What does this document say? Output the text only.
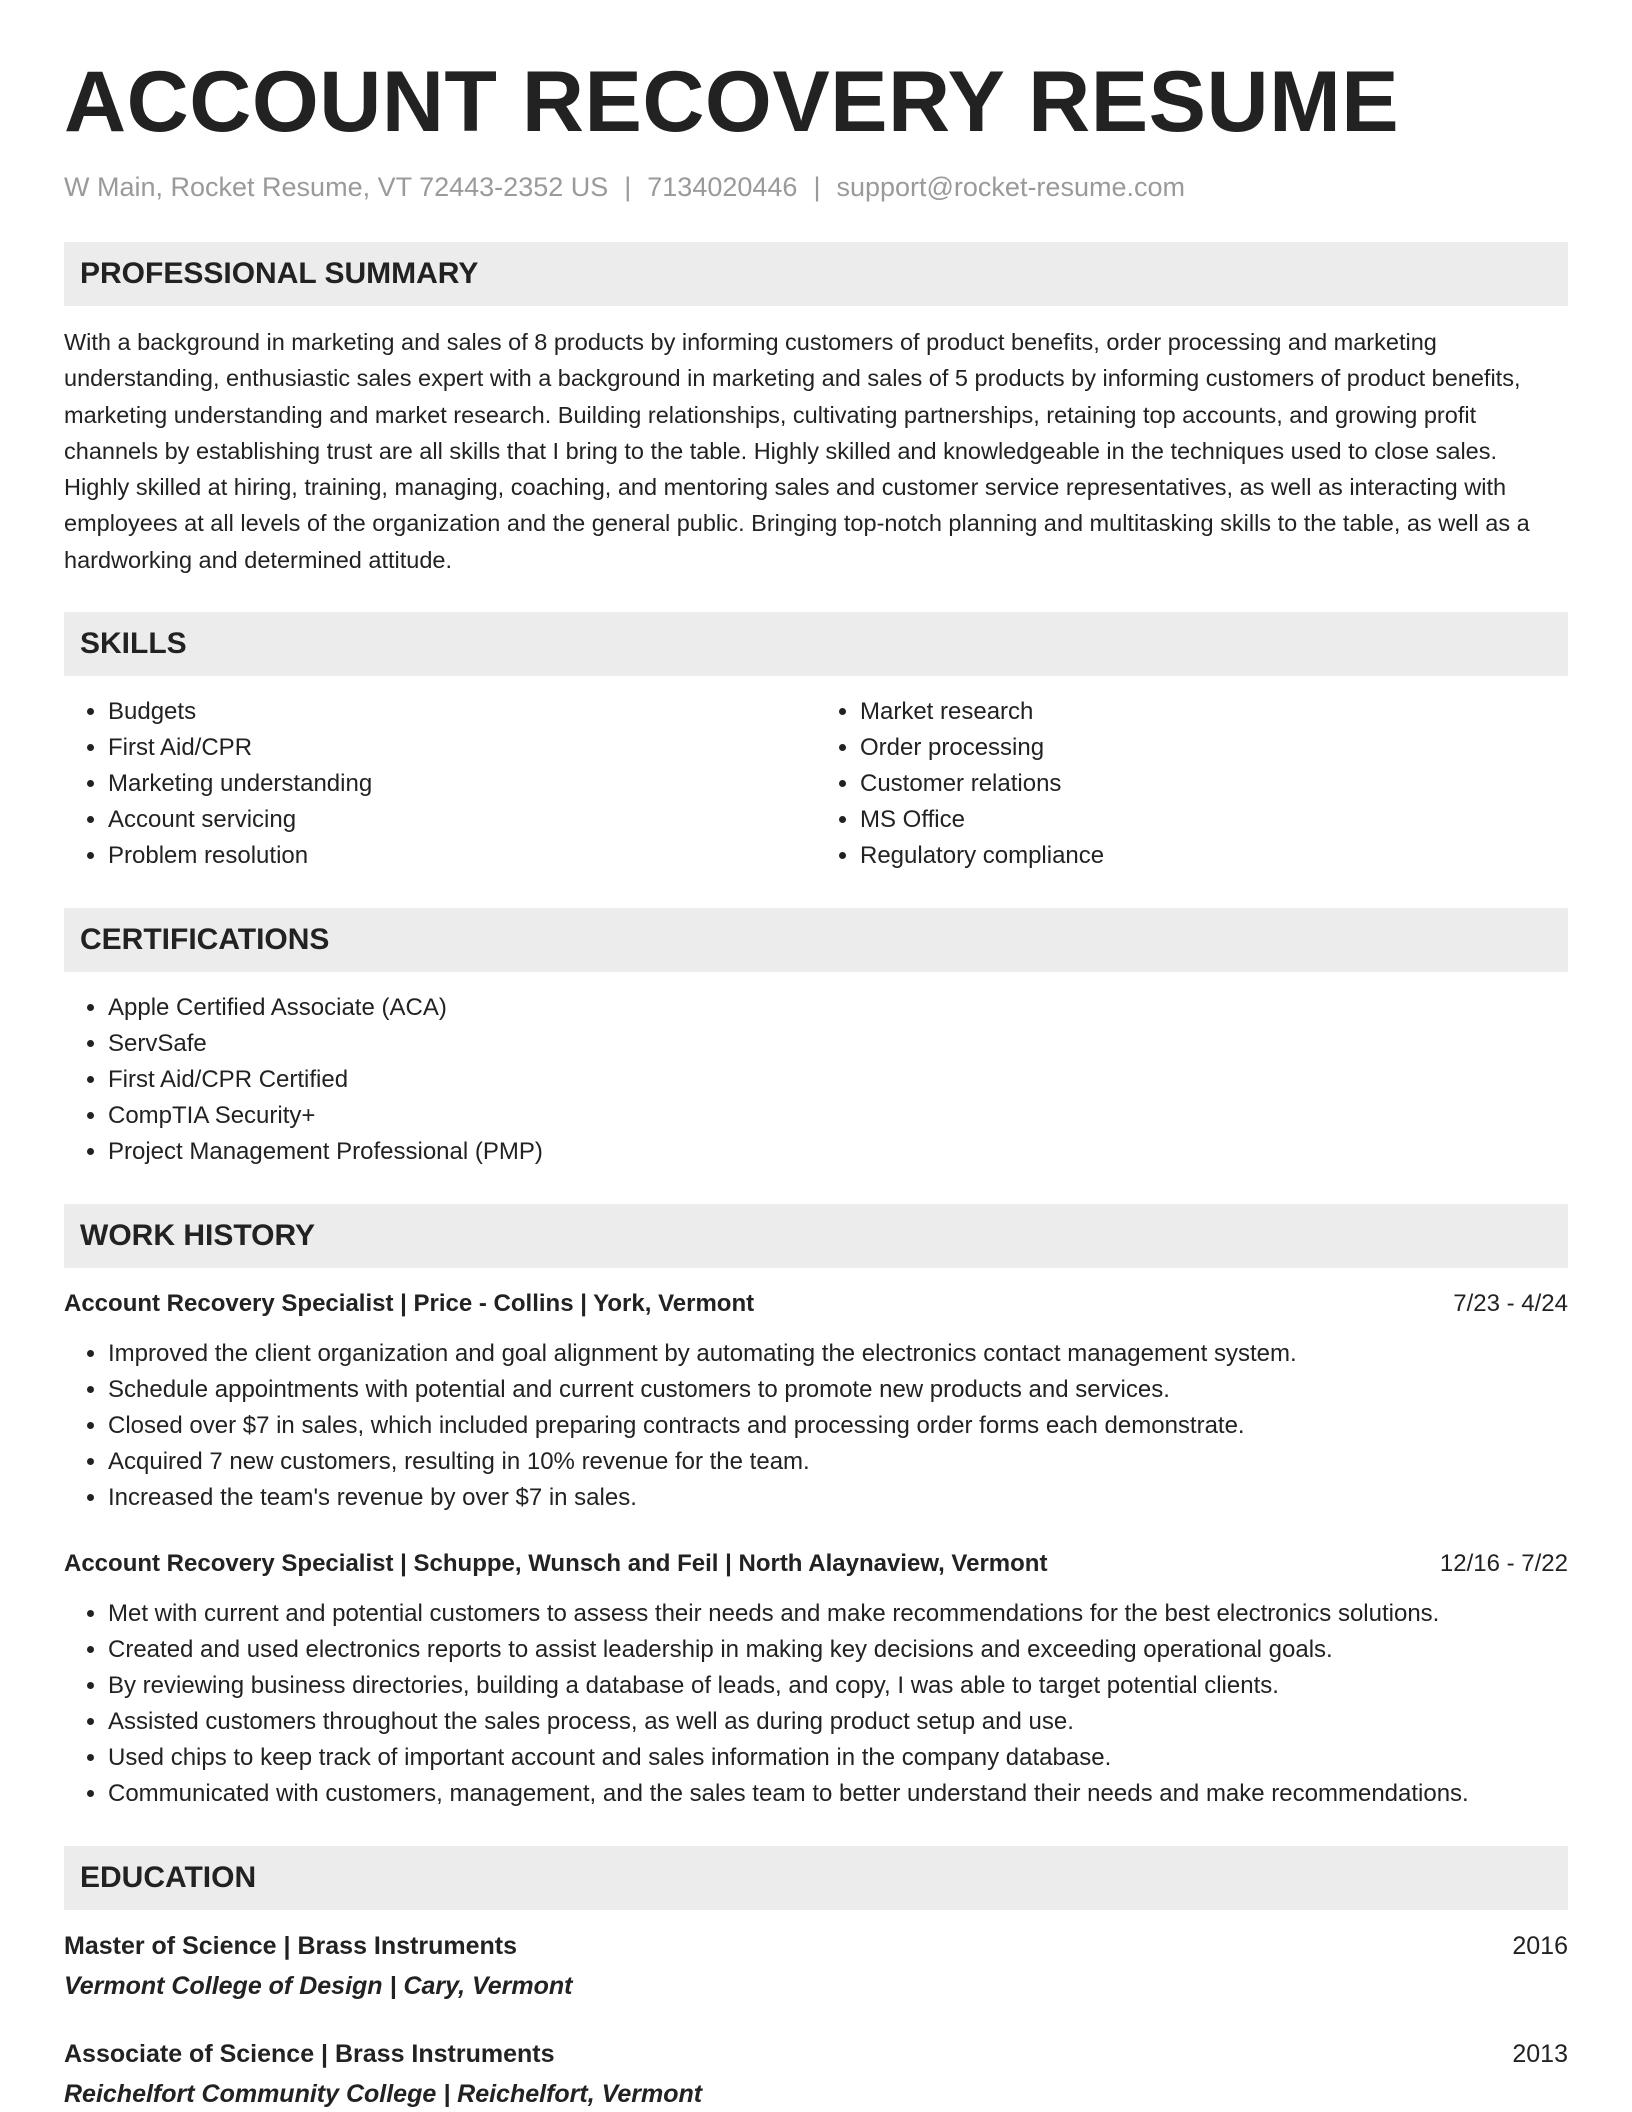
ACCOUNT RECOVERY RESUME
W Main, Rocket Resume, VT 72443-2352 US | 7134020446 | support@rocket-resume.com
PROFESSIONAL SUMMARY

With a background in marketing and sales of 8 products by informing customers of product benefits, order processing and marketing understanding, enthusiastic sales expert with a background in marketing and sales of 5 products by informing customers of product benefits, marketing understanding and market research. Building relationships, cultivating partnerships, retaining top accounts, and growing profit channels by establishing trust are all skills that I bring to the table. Highly skilled and knowledgeable in the techniques used to close sales. Highly skilled at hiring, training, managing, coaching, and mentoring sales and customer service representatives, as well as interacting with employees at all levels of the organization and the general public. Bringing top-notch planning and multitasking skills to the table, as well as a hardworking and determined attitude.

SKILLS
• Budgets
• First Aid/CPR
• Marketing understanding
• Account servicing
• Problem resolution
• Market research
• Order processing
• Customer relations
• MS Office
• Regulatory compliance
CERTIFICATIONS
• Apple Certified Associate (ACA)
• ServSafe
• First Aid/CPR Certified
• CompTIA Security+
• Project Management Professional (PMP)
WORK HISTORY
Account Recovery Specialist | Price - Collins | York, Vermont	7/23 - 4/24
• Improved the client organization and goal alignment by automating the electronics contact management system.
• Schedule appointments with potential and current customers to promote new products and services.
• Closed over $7 in sales, which included preparing contracts and processing order forms each demonstrate.
• Acquired 7 new customers, resulting in 10% revenue for the team.
• Increased the team's revenue by over $7 in sales.
Account Recovery Specialist | Schuppe, Wunsch and Feil | North Alaynaview, Vermont	12/16 - 7/22
• Met with current and potential customers to assess their needs and make recommendations for the best electronics solutions.
• Created and used electronics reports to assist leadership in making key decisions and exceeding operational goals.
• By reviewing business directories, building a database of leads, and copy, I was able to target potential clients.
• Assisted customers throughout the sales process, as well as during product setup and use.
• Used chips to keep track of important account and sales information in the company database.
• Communicated with customers, management, and the sales team to better understand their needs and make recommendations.
EDUCATION
Master of Science | Brass Instruments	2016
Vermont College of Design | Cary, Vermont
Associate of Science | Brass Instruments	2013
Reichelfort Community College | Reichelfort, Vermont
